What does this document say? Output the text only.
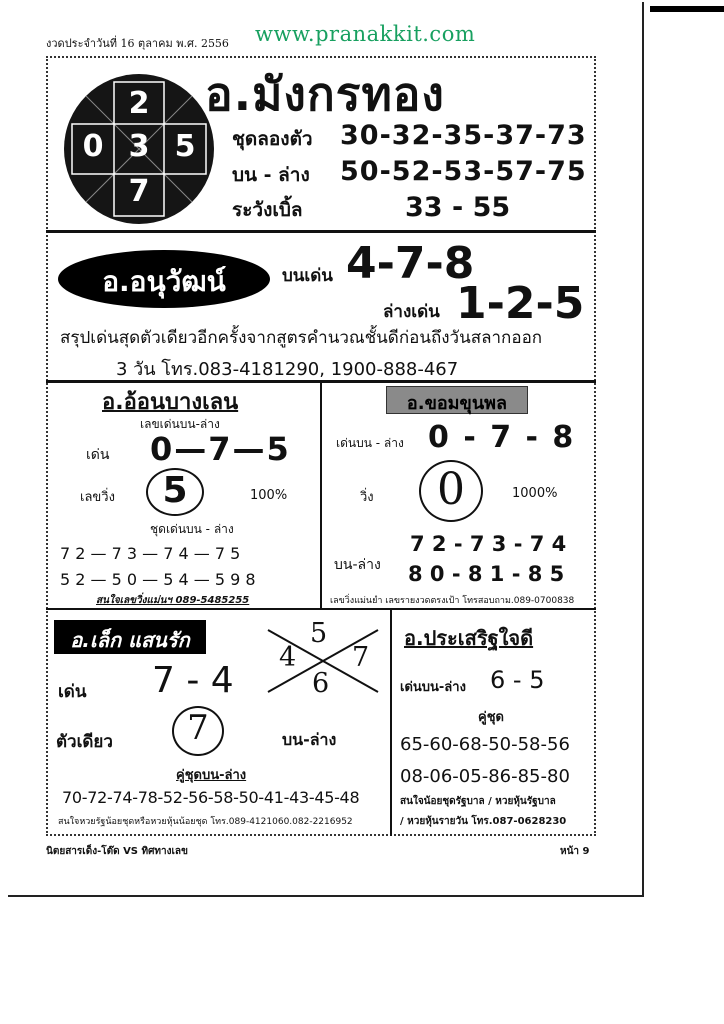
งวดประจำวันที่ 16 ตุลาคม พ.ศ. 2556 www.pranakkit.com
2
0 3 5
7
อ.มังกรทอง
ชุดลองตัว 30-32-35-37-73
บน - ล่าง 50-52-53-57-75
ระวังเบิ้ล	33 - 55
อ.อนุวัฒน์	บนเด่น 4-7-8
ล่างเด่น 1-2-5
สรุปเด่นสุดตัวเดียวอีกครั้งจากสูตรคำนวณชั้นดีก่อนถึงวันสลากออก
3 วัน โทร.083-4181290, 1900-888-467
อ.อ้อนบางเลน
เลขเด่นบน-ล่าง
เด่น 0—7—5
เลขวิ่ง	5	100%
ชุดเด่นบน - ล่าง
7 2 — 7 3 — 7 4 — 7 5
5 2 — 5 0 — 5 4 — 5 9 8
สนใจเลขวิ่งแม่นฯ 089-5485255
อ.ขอมขุนพล
เด่นบน - ล่าง 0 - 7 - 8
วิ่ง	0	1000%
บน-ล่าง
7 2 - 7 3 - 7 4
8 0 - 8 1 - 8 5
เลขวิ่งแม่นยำ เลขรายงวดตรงเป้า โทรสอบถาม.089-0700838
อ.เล็ก แสนรัก	5
4 7
6
เด่น 7 - 4
ตัวเดียว	7	บน-ล่าง
คู่ชุดบน-ล่าง
70-72-74-78-52-56-58-50-41-43-45-48
สนใจหวยรัฐน้อยชุดหรือหวยหุ้นน้อยชุด โทร.089-4121060.082-2216952
อ.ประเสริฐใจดี
เด่นบน-ล่าง 6 - 5
คู่ชุด
65-60-68-50-58-56
08-06-05-86-85-80
สนใจน้อยชุดรัฐบาล / หวยหุ้นรัฐบาล
/ หวยหุ้นรายวัน โทร.087-0628230
นิตยสารเด็ง-โต๊ด VS ทิศทางเลข	หน้า 9
